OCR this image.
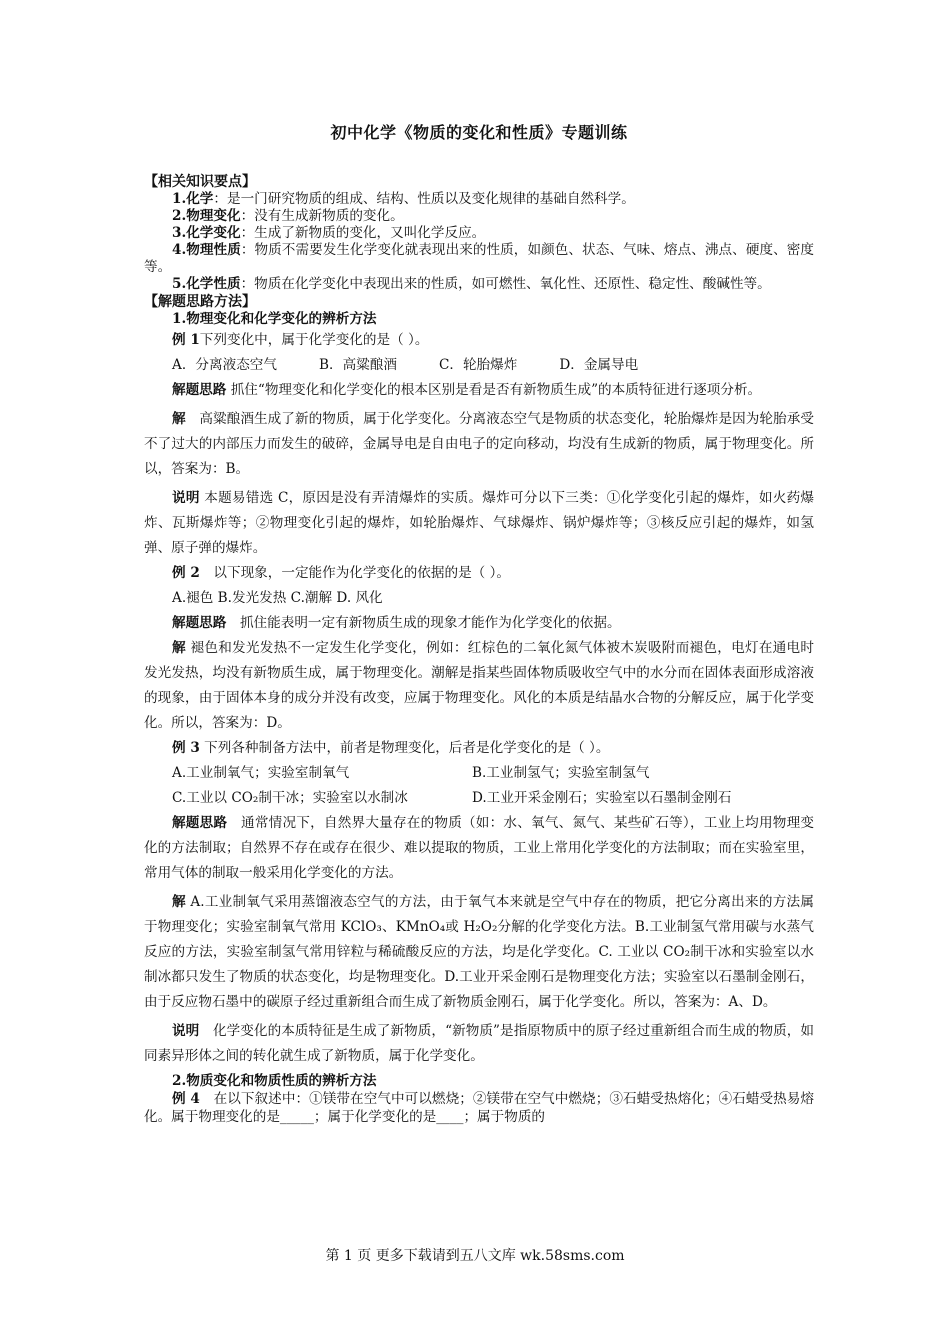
初中化学《物质的变化和性质》专题训练
【相关知识要点】

1.化学：是一门研究物质的组成、结构、性质以及变化规律的基础自然科学。

2.物理变化：没有生成新物质的变化。

3.化学变化：生成了新物质的变化，又叫化学反应。

4.物理性质：物质不需要发生化学变化就表现出来的性质，如颜色、状态、气味、熔点、沸点、硬度、密度等。

5.化学性质：物质在化学变化中表现出来的性质，如可燃性、氧化性、还原性、稳定性、酸碱性等。

【解题思路方法】

1.物理变化和化学变化的辨析方法

例 1下列变化中，属于化学变化的是（ ）。

A．分离液态空气	B．高粱酿酒	C．轮胎爆炸	D．金属导电

解题思路 抓住“物理变化和化学变化的根本区别是看是否有新物质生成”的本质特征进行逐项分析。

解　高粱酿酒生成了新的物质，属于化学变化。分离液态空气是物质的状态变化，轮胎爆炸是因为轮胎承受不了过大的内部压力而发生的破碎，金属导电是自由电子的定向移动，均没有生成新的物质，属于物理变化。所以，答案为：B。

说明 本题易错选 C，原因是没有弄清爆炸的实质。爆炸可分以下三类：①化学变化引起的爆炸，如火药爆炸、瓦斯爆炸等；②物理变化引起的爆炸，如轮胎爆炸、气球爆炸、锅炉爆炸等；③核反应引起的爆炸，如氢弹、原子弹的爆炸。

例 2　以下现象，一定能作为化学变化的依据的是（ ）。

A.褪色 B.发光发热 C.潮解 D. 风化

解题思路　抓住能表明一定有新物质生成的现象才能作为化学变化的依据。

解 褪色和发光发热不一定发生化学变化，例如：红棕色的二氧化氮气体被木炭吸附而褪色，电灯在通电时发光发热，均没有新物质生成，属于物理变化。潮解是指某些固体物质吸收空气中的水分而在固体表面形成溶液的现象，由于固体本身的成分并没有改变，应属于物理变化。风化的本质是结晶水合物的分解反应，属于化学变化。所以，答案为：D。

例 3 下列各种制备方法中，前者是物理变化，后者是化学变化的是（ ）。

A.工业制氧气；实验室制氧气	B.工业制氢气；实验室制氢气
C.工业以 CO₂制干冰；实验室以水制冰	D.工业开采金刚石；实验室以石墨制金刚石

解题思路　通常情况下，自然界大量存在的物质（如：水、氧气、氮气、某些矿石等），工业上均用物理变化的方法制取；自然界不存在或存在很少、难以提取的物质，工业上常用化学变化的方法制取；而在实验室里，常用气体的制取一般采用化学变化的方法。

解 A.工业制氧气采用蒸馏液态空气的方法，由于氧气本来就是空气中存在的物质，把它分离出来的方法属于物理变化；实验室制氧气常用 KClO₃、KMnO₄或 H₂O₂分解的化学变化方法。B.工业制氢气常用碳与水蒸气反应的方法，实验室制氢气常用锌粒与稀硫酸反应的方法，均是化学变化。C. 工业以 CO₂制干冰和实验室以水制冰都只发生了物质的状态变化，均是物理变化。D.工业开采金刚石是物理变化方法；实验室以石墨制金刚石，由于反应物石墨中的碳原子经过重新组合而生成了新物质金刚石，属于化学变化。所以，答案为：A、D。

说明　化学变化的本质特征是生成了新物质，“新物质”是指原物质中的原子经过重新组合而生成的物质，如同素异形体之间的转化就生成了新物质，属于化学变化。

2.物质变化和物质性质的辨析方法

例 4　在以下叙述中：①镁带在空气中可以燃烧；②镁带在空气中燃烧；③石蜡受热熔化；④石蜡受热易熔化。属于物理变化的是_____；属于化学变化的是____；属于物质的

第 1 页 更多下载请到五八文库 wk.58sms.com
